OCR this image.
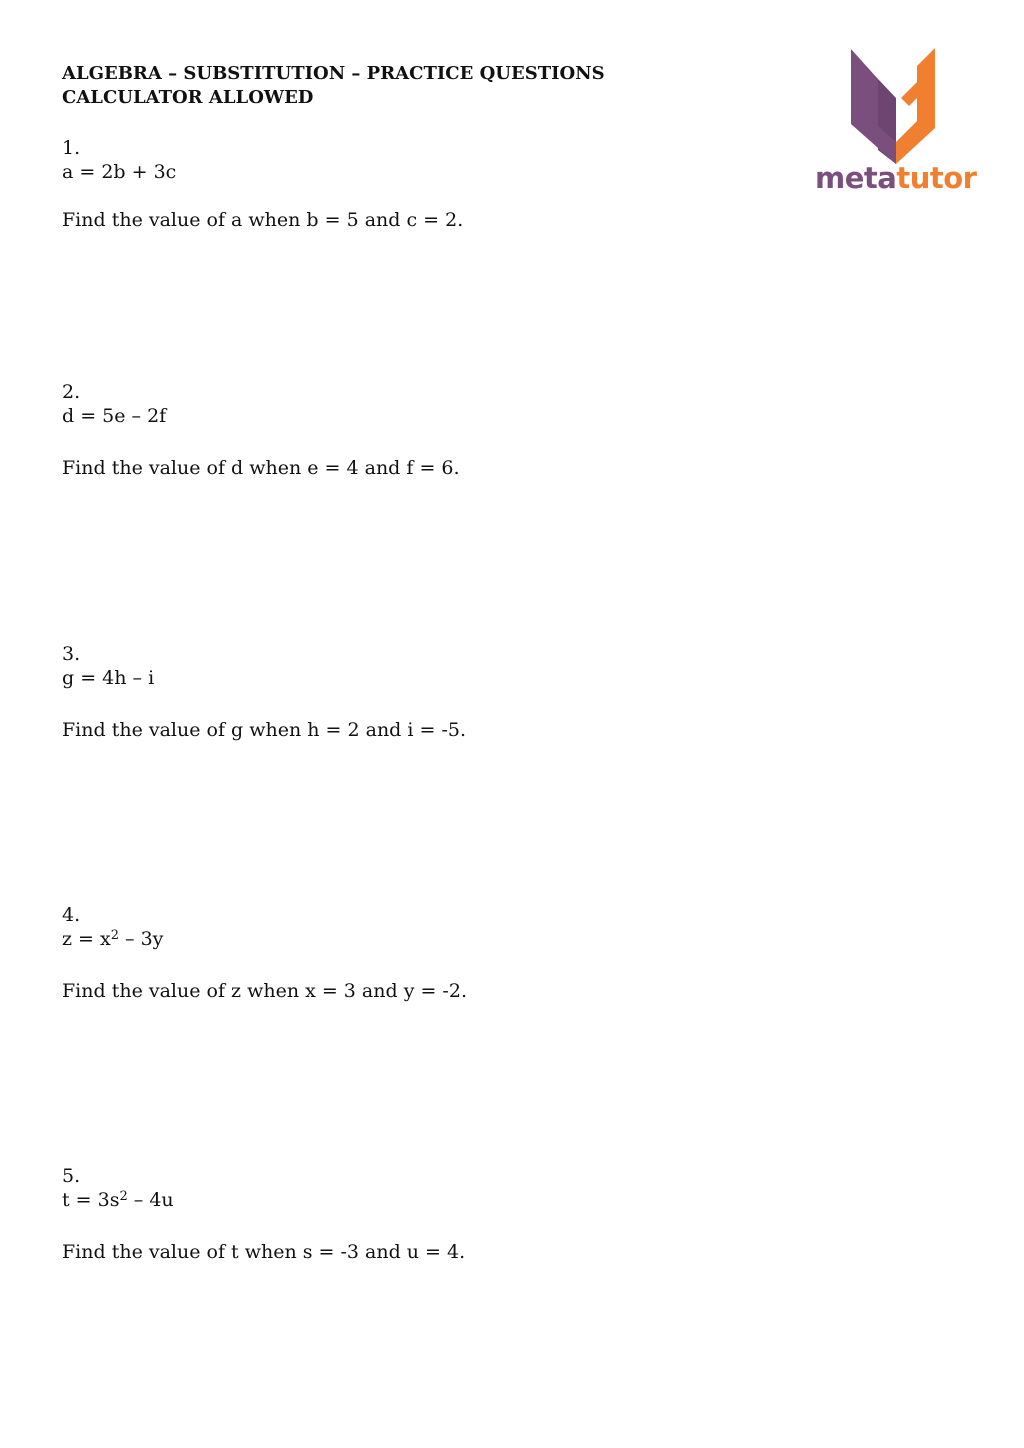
ALGEBRA – SUBSTITUTION – PRACTICE QUESTIONS
CALCULATOR ALLOWED
metatutor
1.
a = 2b + 3c
Find the value of a when b = 5 and c = 2.
2.
d = 5e – 2f
Find the value of d when e = 4 and f = 6.
3.
g = 4h – i
Find the value of g when h = 2 and i = -5.
4.
$z = x^2 - 3y$
Find the value of z when x = 3 and y = -2.
5.
$t = 3s^2 - 4u$
Find the value of t when s = -3 and u = 4.
